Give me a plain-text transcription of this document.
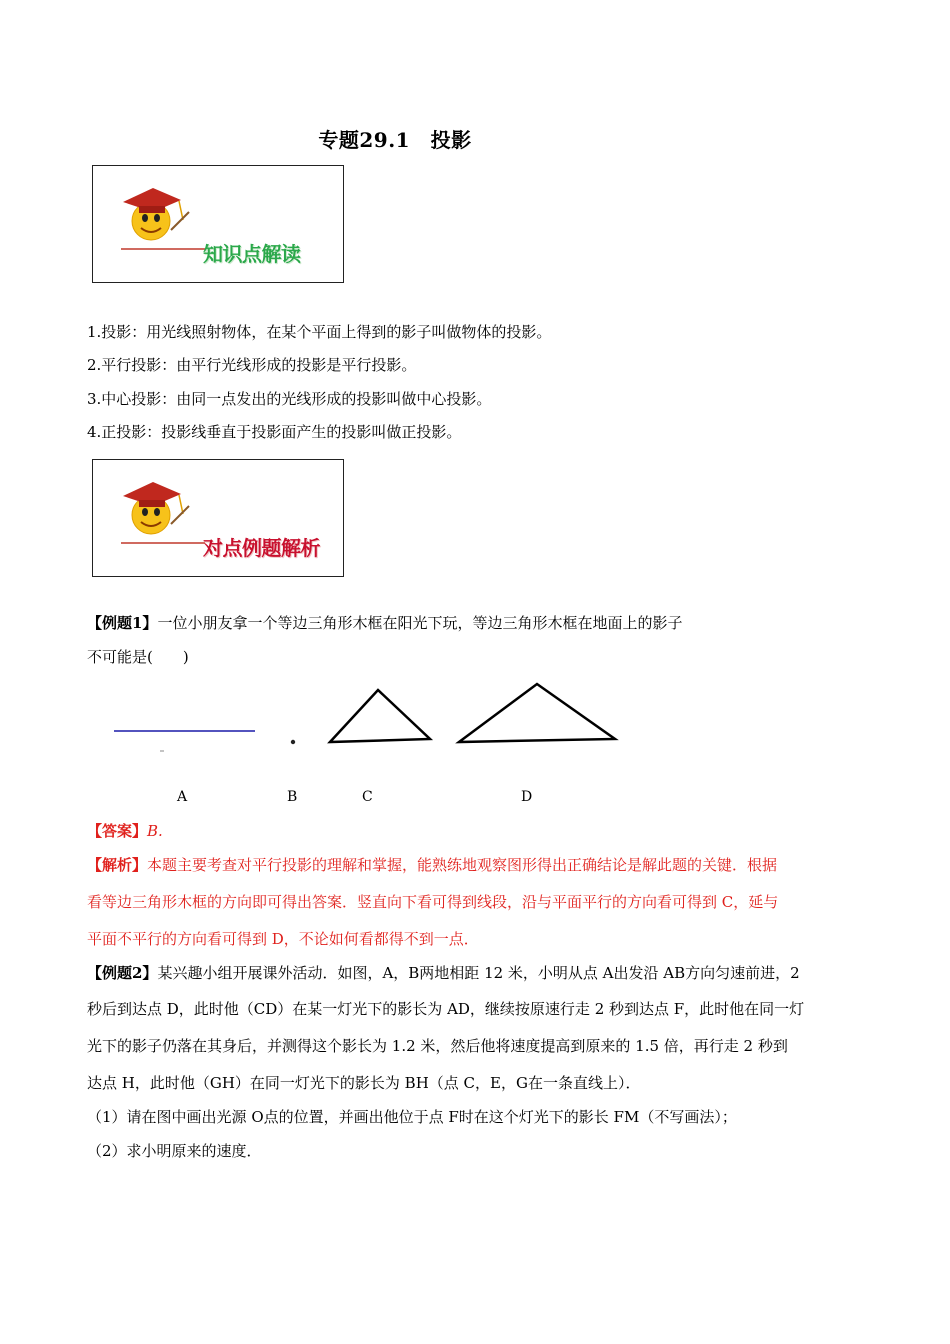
专题29.1　投影
知识点解读
1.投影：用光线照射物体，在某个平面上得到的影子叫做物体的投影。
2.平行投影：由平行光线形成的投影是平行投影。
3.中心投影：由同一点发出的光线形成的投影叫做中心投影。
4.正投影：投影线垂直于投影面产生的投影叫做正投影。
对点例题解析
【例题1】一位小朋友拿一个等边三角形木框在阳光下玩，等边三角形木框在地面上的影子
不可能是(　　)
A	B	C	D
【答案】B.
【解析】本题主要考查对平行投影的理解和掌握，能熟练地观察图形得出正确结论是解此题的关键．根据
看等边三角形木框的方向即可得出答案．竖直向下看可得到线段，沿与平面平行的方向看可得到 C，延与
平面不平行的方向看可得到 D，不论如何看都得不到一点．
【例题2】某兴趣小组开展课外活动．如图，A，B两地相距 12 米，小明从点 A出发沿 AB方向匀速前进，2
秒后到达点 D，此时他（CD）在某一灯光下的影长为 AD，继续按原速行走 2 秒到达点 F，此时他在同一灯
光下的影子仍落在其身后，并测得这个影长为 1.2 米，然后他将速度提高到原来的 1.5 倍，再行走 2 秒到
达点 H，此时他（GH）在同一灯光下的影长为 BH（点 C，E，G在一条直线上）．
（1）请在图中画出光源 O点的位置，并画出他位于点 F时在这个灯光下的影长 FM（不写画法）；
（2）求小明原来的速度．
